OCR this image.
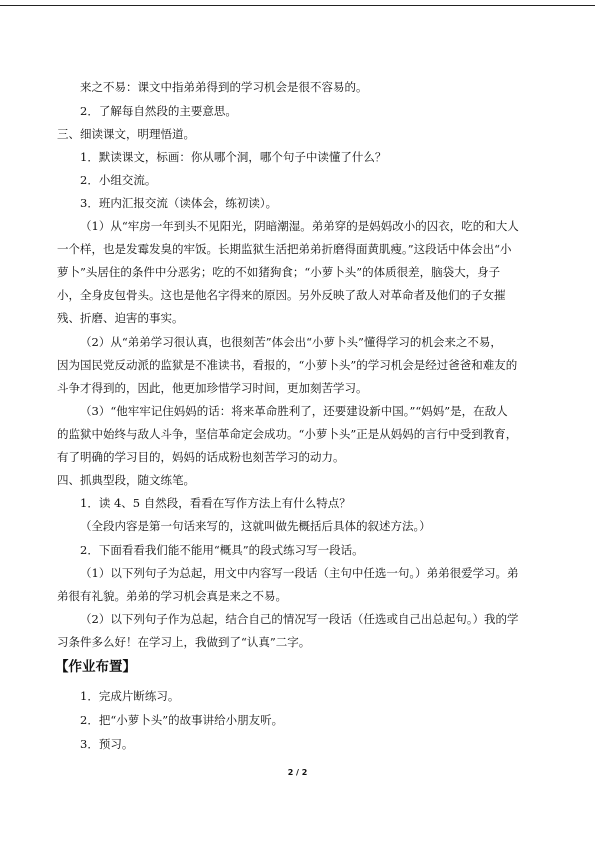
来之不易：课文中指弟弟得到的学习机会是很不容易的。

2．了解每自然段的主要意思。

三、细读课文，明理悟道。

1．默读课文，标画：你从哪个洞，哪个句子中读懂了什么？

2．小组交流。

3．班内汇报交流（读体会，练初读）。

（1）从“牢房一年到头不见阳光，阴暗潮湿。弟弟穿的是妈妈改小的囚衣，吃的和大人

一个样，也是发霉发臭的牢饭。长期监狱生活把弟弟折磨得面黄肌瘦。”这段话中体会出“小

萝卜”头居住的条件中分恶劣；吃的不如猪狗食；“小萝卜头”的体质很差，脑袋大，身子

小，全身皮包骨头。这也是他名字得来的原因。另外反映了敌人对革命者及他们的子女摧

残、折磨、迫害的事实。

（2）从“弟弟学习很认真，也很刻苦”体会出“小萝卜头”懂得学习的机会来之不易，

因为国民党反动派的监狱是不准读书，看报的，“小萝卜头”的学习机会是经过爸爸和难友的

斗争才得到的，因此，他更加珍惜学习时间，更加刻苦学习。

（3）“他牢牢记住妈妈的话：将来革命胜利了，还要建设新中国。”“妈妈”是，在敌人

的监狱中始终与敌人斗争，坚信革命定会成功。“小萝卜头”正是从妈妈的言行中受到教育，

有了明确的学习目的，妈妈的话成粉也刻苦学习的动力。

四、抓典型段，随文练笔。

1．读 4、5 自然段，看看在写作方法上有什么特点？

（全段内容是第一句话来写的，这就叫做先概括后具体的叙述方法。）

2．下面看看我们能不能用“概具”的段式练习写一段话。

（1）以下列句子为总起，用文中内容写一段话（主句中任选一句。）弟弟很爱学习。弟

弟很有礼貌。弟弟的学习机会真是来之不易。

（2）以下列句子作为总起，结合自己的情况写一段话（任选或自己出总起句。）我的学

习条件多么好！在学习上，我做到了“认真”二字。

【作业布置】

1．完成片断练习。

2．把“小萝卜头”的故事讲给小朋友听。

3．预习。

2 / 2
